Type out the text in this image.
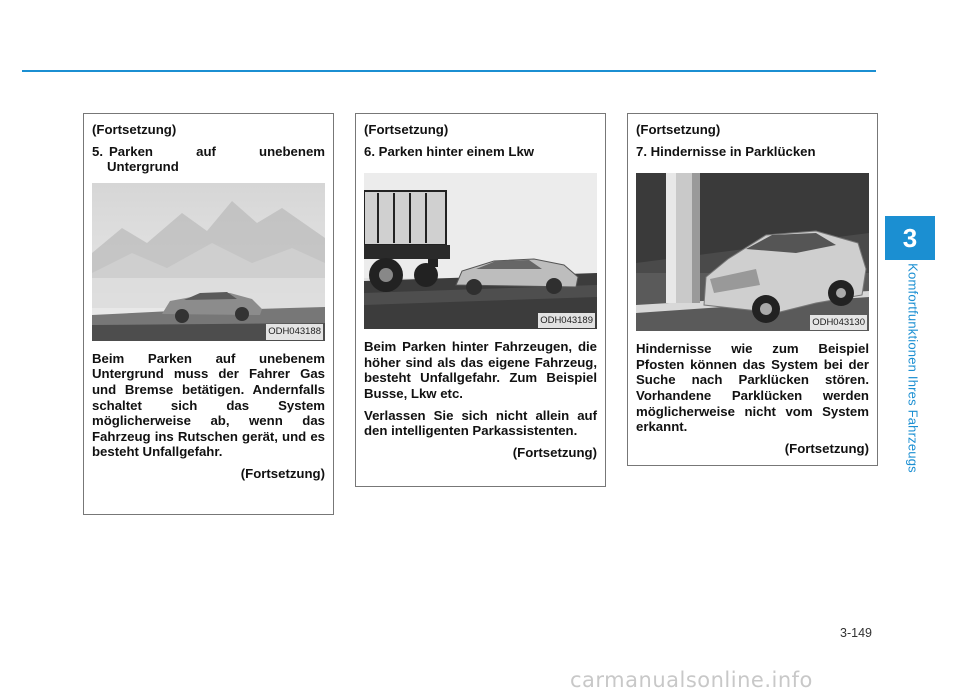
3
Komfortfunktionen Ihres Fahrzeugs

(Fortsetzung)

5. Parken auf unebenem

Untergrund

ODH043188

Beim Parken auf unebenem Untergrund muss der Fahrer Gas und Bremse betätigen. Andernfalls schaltet sich das System möglicherweise ab, wenn das Fahrzeug ins Rutschen gerät, und es besteht Unfallgefahr.

(Fortsetzung)

(Fortsetzung)

6. Parken hinter einem Lkw

ODH043189

Beim Parken hinter Fahrzeugen, die höher sind als das eigene Fahrzeug, besteht Unfallgefahr. Zum Beispiel Busse, Lkw etc.

Verlassen Sie sich nicht allein auf den intelligenten Parkassistenten.

(Fortsetzung)

(Fortsetzung)

7. Hindernisse in Parklücken

ODH043130

Hindernisse wie zum Beispiel Pfosten können das System bei der Suche nach Parklücken stören. Vorhandene Parklücken werden möglicherweise nicht vom System erkannt.

(Fortsetzung)

3-149
carmanualsonline.info
